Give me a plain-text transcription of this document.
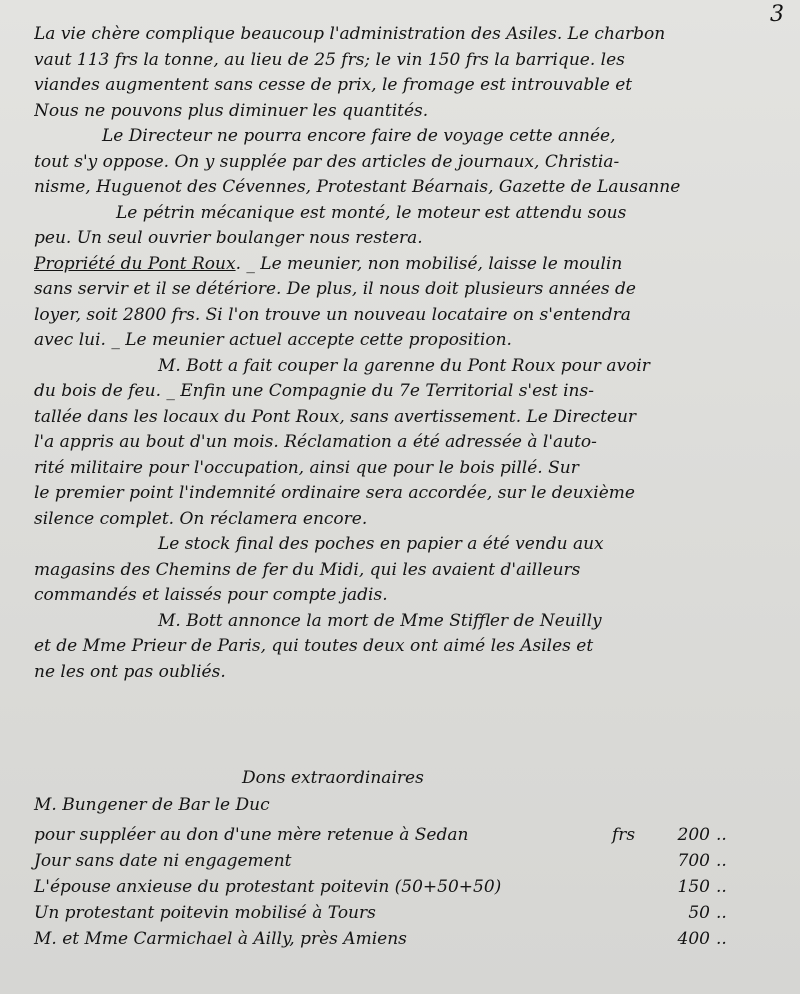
3
La vie chère complique beaucoup l'administration des Asiles. Le charbon
vaut 113 frs la tonne, au lieu de 25 frs; le vin 150 frs la barrique. les
viandes augmentent sans cesse de prix, le fromage est introuvable et
Nous ne pouvons plus diminuer les quantités.
Le Directeur ne pourra encore faire de voyage cette année,
tout s'y oppose. On y supplée par des articles de journaux, Christia-
nisme, Huguenot des Cévennes, Protestant Béarnais, Gazette de Lausanne
Le pétrin mécanique est monté, le moteur est attendu sous
peu. Un seul ouvrier boulanger nous restera.
Propriété du Pont Roux. _ Le meunier, non mobilisé, laisse le moulin
sans servir et il se détériore. De plus, il nous doit plusieurs années de
loyer, soit 2800 frs. Si l'on trouve un nouveau locataire on s'entendra
avec lui. _ Le meunier actuel accepte cette proposition.
M. Bott a fait couper la garenne du Pont Roux pour avoir
du bois de feu. _ Enfin une Compagnie du 7e Territorial s'est ins-
tallée dans les locaux du Pont Roux, sans avertissement. Le Directeur
l'a appris au bout d'un mois. Réclamation a été adressée à l'auto-
rité militaire pour l'occupation, ainsi que pour le bois pillé. Sur
le premier point l'indemnité ordinaire sera accordée, sur le deuxième
silence complet. On réclamera encore.
Le stock final des poches en papier a été vendu aux
magasins des Chemins de fer du Midi, qui les avaient d'ailleurs
commandés et laissés pour compte jadis.
M. Bott annonce la mort de Mme Stiffler de Neuilly
et de Mme Prieur de Paris, qui toutes deux ont aimé les Asiles et
ne les ont pas oubliés.
Dons extraordinaires
M. Bungener de Bar le Duc
pour suppléer au don d'une mère retenue à Sedan	frs	200 ..
Jour sans date ni engagement	700 ..
L'épouse anxieuse du protestant poitevin (50+50+50)	150 ..
Un protestant poitevin mobilisé à Tours	50 ..
M. et Mme Carmichael à Ailly, près Amiens	400 ..
